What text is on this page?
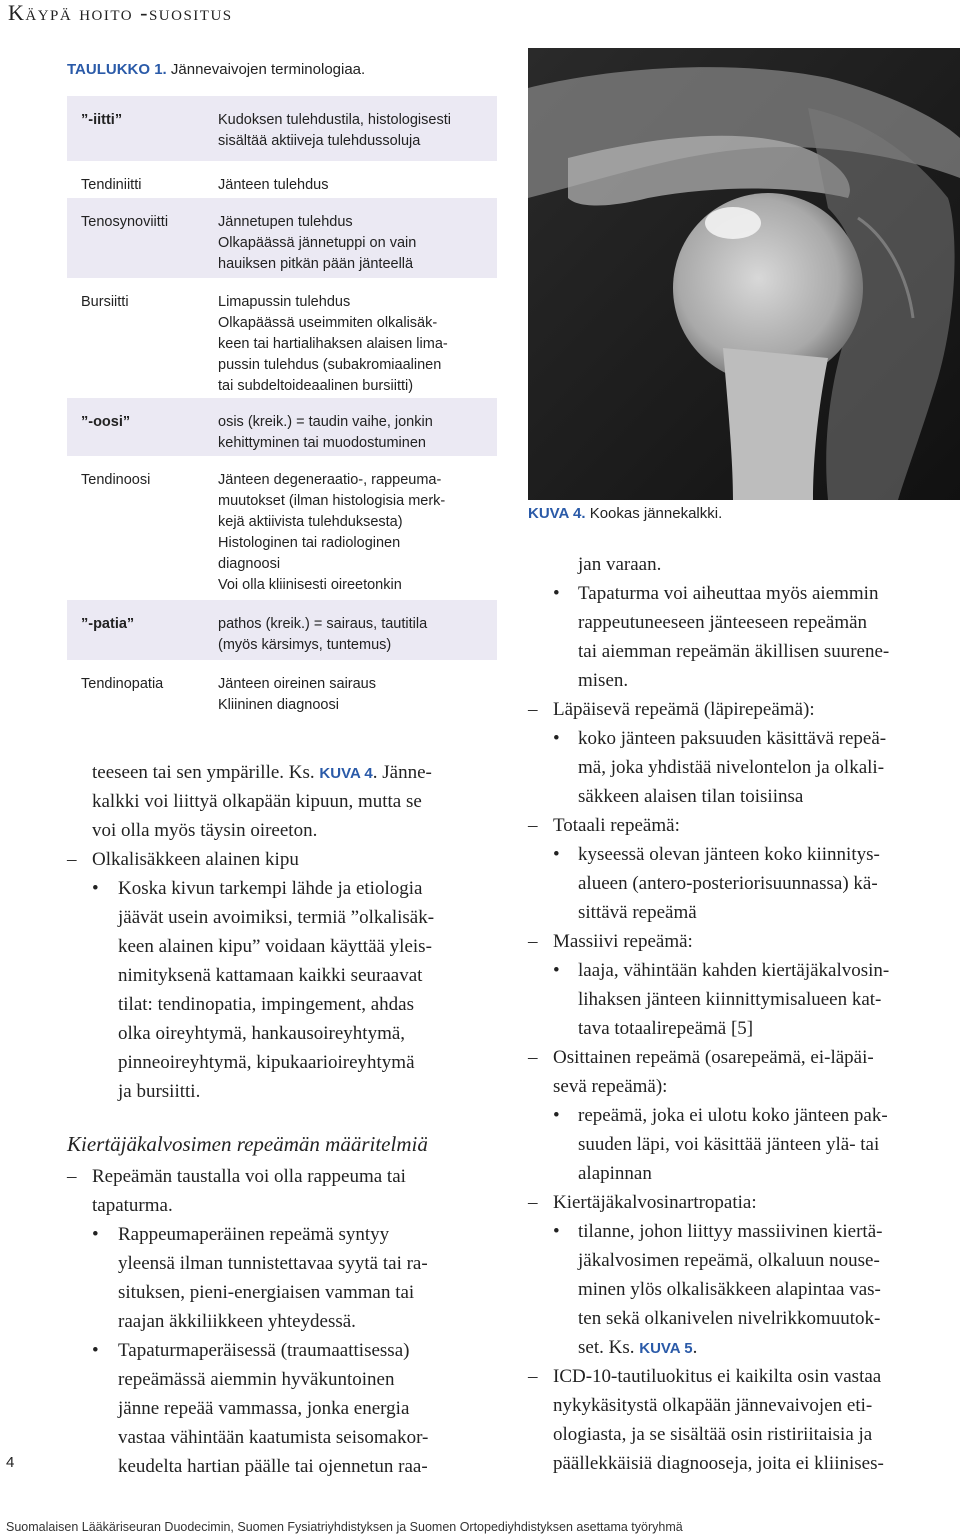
Käypä hoito -suositus
TAULUKKO 1. Jännevaivojen terminologiaa.
”-iitti”	Kudoksen tulehdustila, histologisesti
sisältää aktiiveja tulehdussoluja
Tendiniitti	Jänteen tulehdus
Tenosynoviitti	Jännetupen tulehdus
Olkapäässä jännetuppi on vain
hauiksen pitkän pään jänteellä
Bursiitti	Limapussin tulehdus
Olkapäässä useimmiten olkalisäk-
keen tai hartialihaksen alaisen lima-
pussin tulehdus (subakromiaalinen
tai subdeltoideaalinen bursiitti)
”-oosi”	osis (kreik.) = taudin vaihe, jonkin
kehittyminen tai muodostuminen
Tendinoosi	Jänteen degeneraatio-, rappeuma-
muutokset (ilman histologisia merk-
kejä aktiivista tulehduksesta)
Histologinen tai radiologinen
diagnoosi
Voi olla kliinisesti oireetonkin
”-patia”	pathos (kreik.) = sairaus, tautitila
(myös kärsimys, tuntemus)
Tendinopatia	Jänteen oireinen sairaus
Kliininen diagnoosi
KUVA 4. Kookas jännekalkki.
teeseen tai sen ympärille. Ks. KUVA 4. Jänne-
kalkki voi liittyä olkapään kipuun, mutta se
voi olla myös täysin oireeton.
– Olkalisäkkeen alainen kipu
• Koska kivun tarkempi lähde ja etiologia
jäävät usein avoimiksi, termiä ”olkalisäk-
keen alainen kipu” voidaan käyttää yleis-
nimityksenä kattamaan kaikki seuraavat
tilat: tendinopatia, impingement, ahdas
olka oireyhtymä, hankausoireyhtymä,
pinneoireyhtymä, kipukaarioireyhtymä
ja bursiitti.
– Repeämän taustalla voi olla rappeuma tai
tapaturma.
• Rappeumaperäinen repeämä syntyy
yleensä ilman tunnistettavaa syytä tai ra-
situksen, pieni-energiaisen vamman tai
raajan äkkiliikkeen yhteydessä.
• Tapaturmaperäisessä (traumaattisessa)
repeämässä aiemmin hyväkuntoinen
jänne repeää vammassa, jonka energia
vastaa vähintään kaatumista seisomakor-
keudelta hartian päälle tai ojennetun raa-
Kiertäjäkalvosimen repeämän määritelmiä
jan varaan.
• Tapaturma voi aiheuttaa myös aiemmin
rappeutuneeseen jänteeseen repeämän
tai aiemman repeämän äkillisen suurene-
misen.
– Läpäisevä repeämä (läpirepeämä):
• koko jänteen paksuuden käsittävä repeä-
mä, joka yhdistää nivelontelon ja olkali-
säkkeen alaisen tilan toisiinsa
– Totaali repeämä:
• kyseessä olevan jänteen koko kiinnitys-
alueen (antero-posteriorisuunnassa) kä-
sittävä repeämä
– Massiivi repeämä:
• laaja, vähintään kahden kiertäjäkalvosin-
lihaksen jänteen kiinnittymisalueen kat-
tava totaalirepeämä [5]
– Osittainen repeämä (osarepeämä, ei-läpäi-
sevä repeämä):
• repeämä, joka ei ulotu koko jänteen pak-
suuden läpi, voi käsittää jänteen ylä- tai
alapinnan
– Kiertäjäkalvosinartropatia:
• tilanne, johon liittyy massiivinen kiertä-
jäkalvosimen repeämä, olkaluun nouse-
minen ylös olkalisäkkeen alapintaa vas-
ten sekä olkanivelen nivelrikkomuutok-
set. Ks. KUVA 5.
– ICD-10-tautiluokitus ei kaikilta osin vastaa
nykykäsitystä olkapään jännevaivojen eti-
ologiasta, ja se sisältää osin ristiriitaisia ja
päällekkäisiä diagnooseja, joita ei kliinises-
4
Suomalaisen Lääkäriseuran Duodecimin, Suomen Fysiatriyhdistyksen ja Suomen Ortopediyhdistyksen asettama työryhmä
